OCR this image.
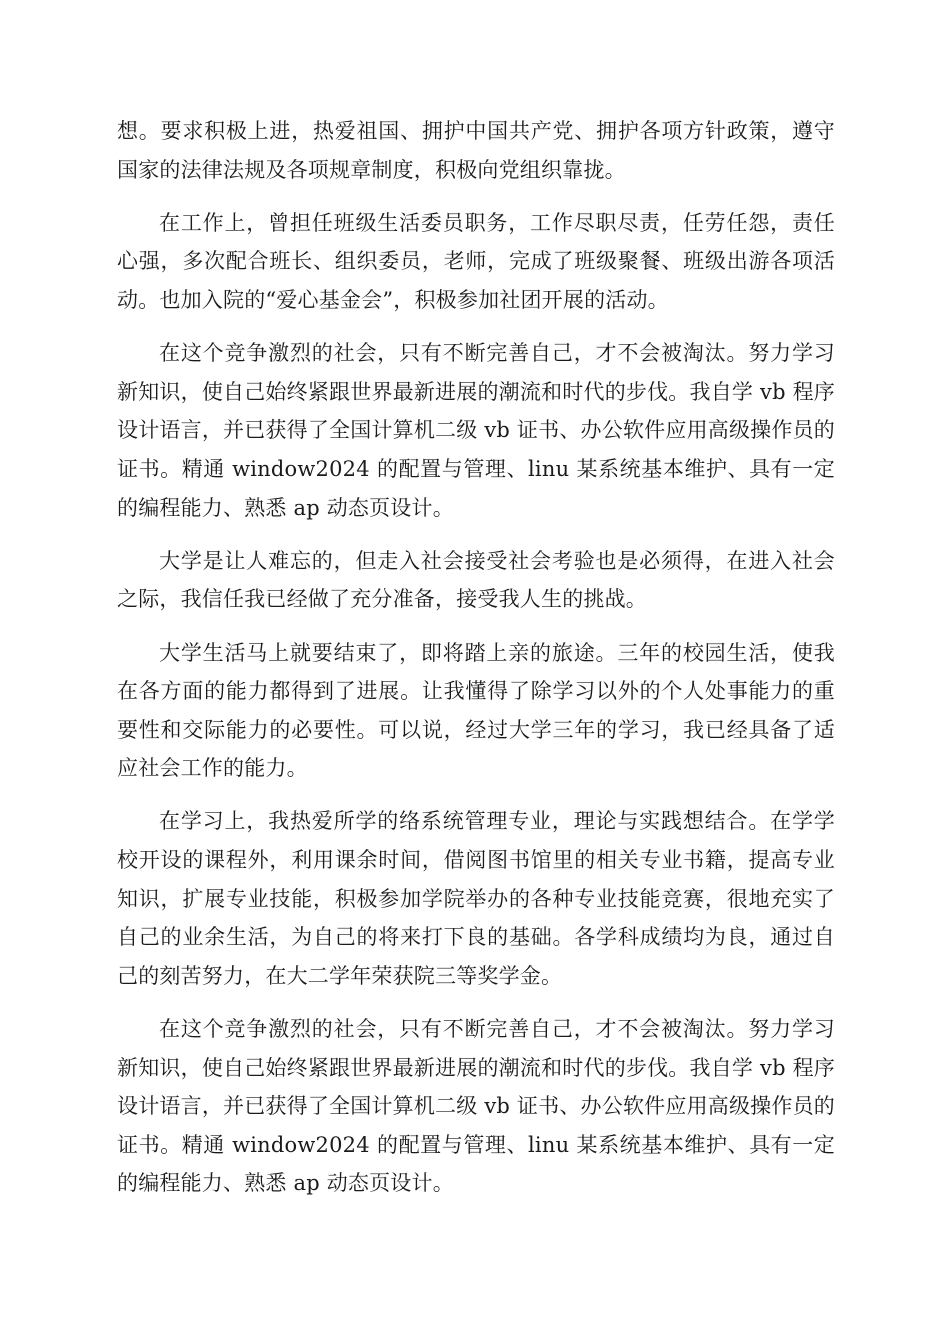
想。要求积极上进，热爱祖国、拥护中国共产党、拥护各项方针政策，遵守国家的法律法规及各项规章制度，积极向党组织靠拢。

在工作上，曾担任班级生活委员职务，工作尽职尽责，任劳任怨，责任心强，多次配合班长、组织委员，老师，完成了班级聚餐、班级出游各项活动。也加入院的“爱心基金会”，积极参加社团开展的活动。

在这个竞争激烈的社会，只有不断完善自己，才不会被淘汰。努力学习新知识，使自己始终紧跟世界最新进展的潮流和时代的步伐。我自学 vb 程序设计语言，并已获得了全国计算机二级 vb 证书、办公软件应用高级操作员的证书。精通 window2024 的配置与管理、linu 某系统基本维护、具有一定的编程能力、熟悉 ap 动态页设计。

大学是让人难忘的，但走入社会接受社会考验也是必须得，在进入社会之际，我信任我已经做了充分准备，接受我人生的挑战。

大学生活马上就要结束了，即将踏上亲的旅途。三年的校园生活，使我在各方面的能力都得到了进展。让我懂得了除学习以外的个人处事能力的重要性和交际能力的必要性。可以说，经过大学三年的学习，我已经具备了适应社会工作的能力。

在学习上，我热爱所学的络系统管理专业，理论与实践想结合。在学学校开设的课程外，利用课余时间，借阅图书馆里的相关专业书籍，提高专业知识，扩展专业技能，积极参加学院举办的各种专业技能竞赛，很地充实了自己的业余生活，为自己的将来打下良的基础。各学科成绩均为良，通过自己的刻苦努力，在大二学年荣获院三等奖学金。

在这个竞争激烈的社会，只有不断完善自己，才不会被淘汰。努力学习新知识，使自己始终紧跟世界最新进展的潮流和时代的步伐。我自学 vb 程序设计语言，并已获得了全国计算机二级 vb 证书、办公软件应用高级操作员的证书。精通 window2024 的配置与管理、linu 某系统基本维护、具有一定的编程能力、熟悉 ap 动态页设计。
